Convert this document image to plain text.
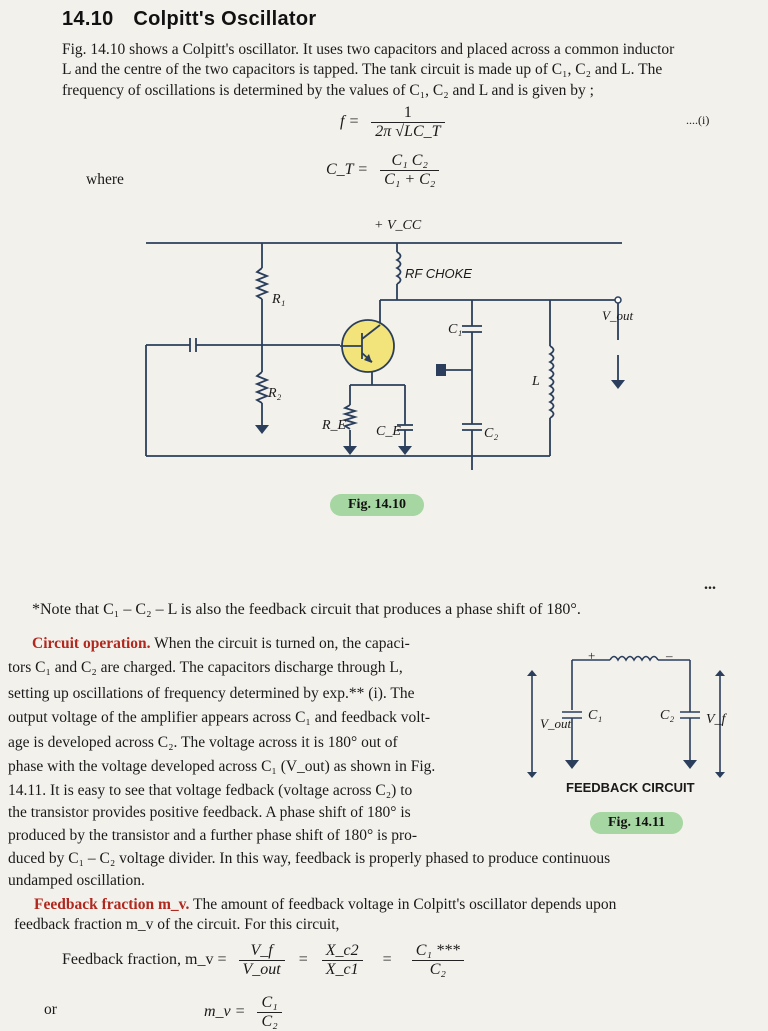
14.10 Colpitt's Oscillator
Fig. 14.10 shows a Colpitt's oscillator. It uses two capacitors and placed across a common inductor
L and the centre of the two capacitors is tapped. The tank circuit is made up of C₁, C₂ and L. The
frequency of oscillations is determined by the values of C₁, C₂ and L and is given by ;
$f = \frac{1}{2\pi √LC\_T}$	....(i)
where
C_T = $\frac{\text{C₁ C₂}}{\text{C₁ + C₂}}$
+ V_CC
RF CHOKE
R₁
R₂
R_E C_E
C₁
C₂
L
V_out
Fig. 14.10
...
*Note that C₁ – C₂ – L is also the feedback circuit that produces a phase shift of 180°.
Circuit operation. When the circuit is turned on, the capaci-
tors C₁ and C₂ are charged. The capacitors discharge through L,
setting up oscillations of frequency determined by exp.** (i). The
output voltage of the amplifier appears across C₁ and feedback volt-
age is developed across C₂. The voltage across it is 180° out of
phase with the voltage developed across C₁ (V_out) as shown in Fig.
14.11. It is easy to see that voltage fedback (voltage across C₂) to
the transistor provides positive feedback. A phase shift of 180° is
produced by the transistor and a further phase shift of 180° is pro-
duced by C₁ – C₂ voltage divider. In this way, feedback is properly phased to produce continuous
undamped oscillation.
+	–
V_out
C₁	C₂ V_f
FEEDBACK CIRCUIT
Fig. 14.11
Feedback fraction m_v. The amount of feedback voltage in Colpitt's oscillator depends upon
feedback fraction m_v of the circuit. For this circuit,
Feedback fraction, m_v = $\frac{V\_f}{\text{V\_out}} = \frac{X\_c2}{X\_c1} = \frac{\text{C₁ ***}}{\text{C₂}}$
or	m_v = $\frac{\text{C₁}}{\text{C₂}}$
